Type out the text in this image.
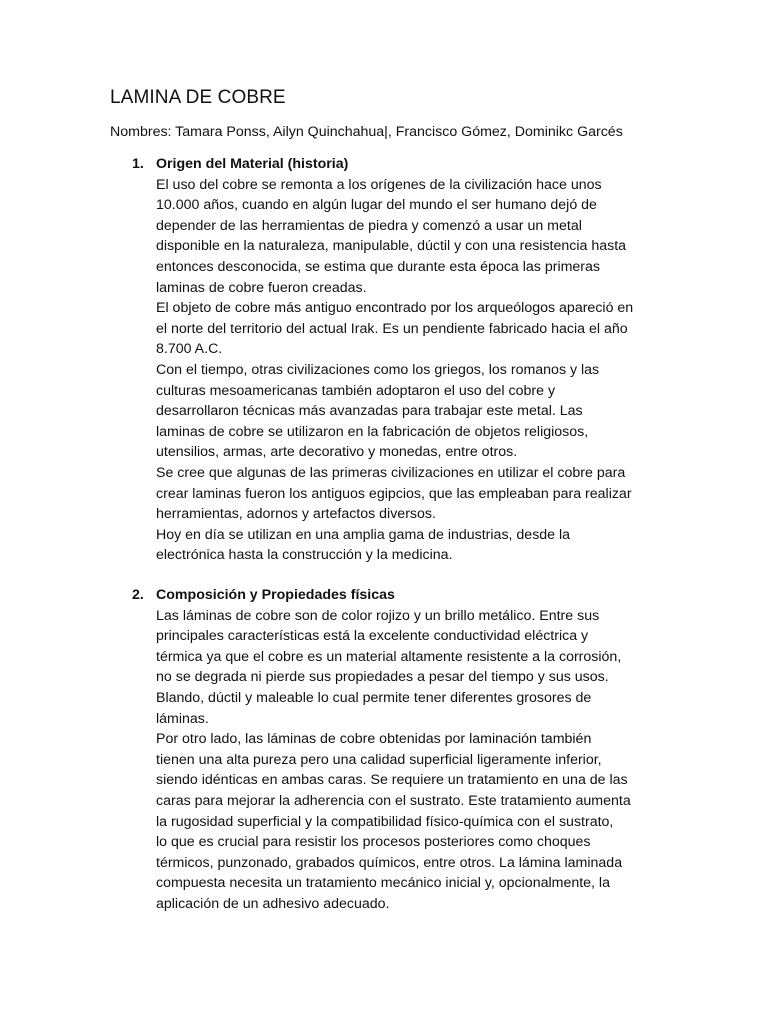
LAMINA DE COBRE
Nombres: Tamara Ponss, Ailyn Quinchahua|, Francisco Gómez, Dominikc Garcés
1. Origen del Material (historia)
El uso del cobre se remonta a los orígenes de la civilización hace unos
10.000 años, cuando en algún lugar del mundo el ser humano dejó de
depender de las herramientas de piedra y comenzó a usar un metal
disponible en la naturaleza, manipulable, dúctil y con una resistencia hasta
entonces desconocida, se estima que durante esta época las primeras
laminas de cobre fueron creadas.
El objeto de cobre más antiguo encontrado por los arqueólogos apareció en
el norte del territorio del actual Irak. Es un pendiente fabricado hacia el año
8.700 A.C.
Con el tiempo, otras civilizaciones como los griegos, los romanos y las
culturas mesoamericanas también adoptaron el uso del cobre y
desarrollaron técnicas más avanzadas para trabajar este metal. Las
laminas de cobre se utilizaron en la fabricación de objetos religiosos,
utensilios, armas, arte decorativo y monedas, entre otros.
Se cree que algunas de las primeras civilizaciones en utilizar el cobre para
crear laminas fueron los antiguos egipcios, que las empleaban para realizar
herramientas, adornos y artefactos diversos.
Hoy en día se utilizan en una amplia gama de industrias, desde la
electrónica hasta la construcción y la medicina.
2. Composición y Propiedades físicas
Las láminas de cobre son de color rojizo y un brillo metálico. Entre sus
principales características está la excelente conductividad eléctrica y
térmica ya que el cobre es un material altamente resistente a la corrosión,
no se degrada ni pierde sus propiedades a pesar del tiempo y sus usos.
Blando, dúctil y maleable lo cual permite tener diferentes grosores de
láminas.
Por otro lado, las láminas de cobre obtenidas por laminación también
tienen una alta pureza pero una calidad superficial ligeramente inferior,
siendo idénticas en ambas caras. Se requiere un tratamiento en una de las
caras para mejorar la adherencia con el sustrato. Este tratamiento aumenta
la rugosidad superficial y la compatibilidad físico-química con el sustrato,
lo que es crucial para resistir los procesos posteriores como choques
térmicos, punzonado, grabados químicos, entre otros. La lámina laminada
compuesta necesita un tratamiento mecánico inicial y, opcionalmente, la
aplicación de un adhesivo adecuado.
